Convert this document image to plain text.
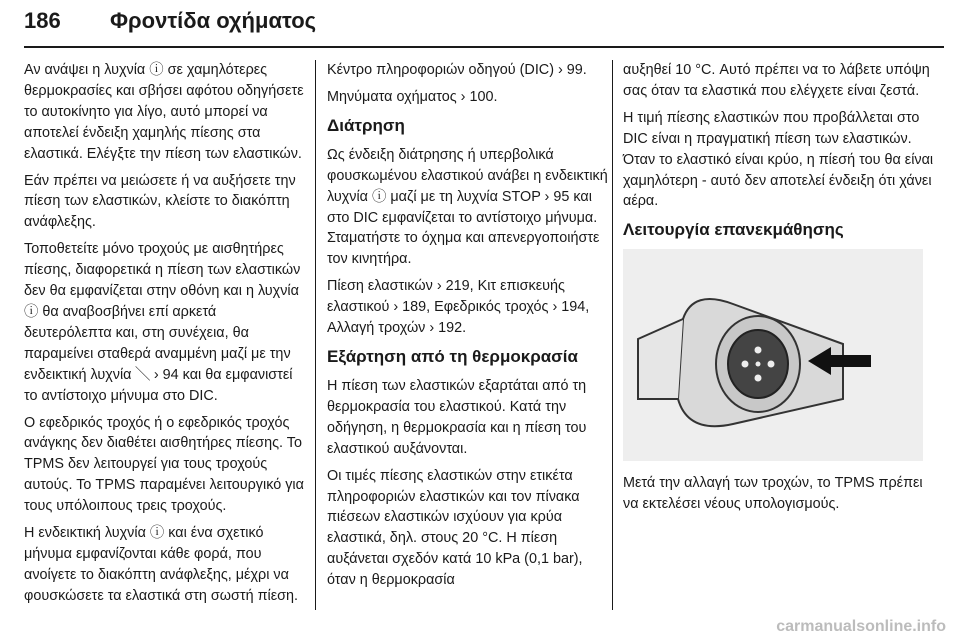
186 Φροντίδα οχήματος

Αν ανάψει η λυχνία ⓘ σε χαμηλότερες θερμοκρασίες και σβήσει αφότου οδηγήσετε το αυτοκίνητο για λίγο, αυτό μπορεί να αποτελεί ένδειξη χαμηλής πίεσης στα ελαστικά. Ελέγξτε την πίεση των ελαστικών.

Εάν πρέπει να μειώσετε ή να αυξήσετε την πίεση των ελαστικών, κλείστε το διακόπτη ανάφλεξης.

Τοποθετείτε μόνο τροχούς με αισθητήρες πίεσης, διαφορετικά η πίεση των ελαστικών δεν θα εμφανίζεται στην οθόνη και η λυχνία ⓘ θα αναβοσβήνει επί αρκετά δευτερόλεπτα και, στη συνέχεια, θα παραμείνει σταθερά αναμμένη μαζί με την ενδεικτική λυχνία ╲ › 94 και θα εμφανιστεί το αντίστοιχο μήνυμα στο DIC.

Ο εφεδρικός τροχός ή ο εφεδρικός τροχός ανάγκης δεν διαθέτει αισθητήρες πίεσης. Το TPMS δεν λειτουργεί για τους τροχούς αυτούς. Το TPMS παραμένει λειτουργικό για τους υπόλοιπους τρεις τροχούς.

Η ενδεικτική λυχνία ⓘ και ένα σχετικό μήνυμα εμφανίζονται κάθε φορά, που ανοίγετε το διακόπτη ανάφλεξης, μέχρι να φουσκώσετε τα ελαστικά στη σωστή πίεση.

Κέντρο πληροφοριών οδηγού (DIC) › 99.

Μηνύματα οχήματος › 100.

Διάτρηση

Ως ένδειξη διάτρησης ή υπερβολικά φουσκωμένου ελαστικού ανάβει η ενδεικτική λυχνία ⓘ μαζί με τη λυχνία STOP › 95 και στο DIC εμφανίζεται το αντίστοιχο μήνυμα. Σταματήστε το όχημα και απενεργοποιήστε τον κινητήρα.

Πίεση ελαστικών › 219, Κιτ επισκευής ελαστικού › 189, Εφεδρικός τροχός › 194, Αλλαγή τροχών › 192.

Εξάρτηση από τη θερμοκρασία

Η πίεση των ελαστικών εξαρτάται από τη θερμοκρασία του ελαστικού. Κατά την οδήγηση, η θερμοκρασία και η πίεση του ελαστικού αυξάνονται.

Οι τιμές πίεσης ελαστικών στην ετικέτα πληροφοριών ελαστικών και τον πίνακα πιέσεων ελαστικών ισχύουν για κρύα ελαστικά, δηλ. στους 20 °C. Η πίεση αυξάνεται σχεδόν κατά 10 kPa (0,1 bar), όταν η θερμοκρασία

αυξηθεί 10 °C. Αυτό πρέπει να το λάβετε υπόψη σας όταν τα ελαστικά που ελέγχετε είναι ζεστά.

Η τιμή πίεσης ελαστικών που προβάλλεται στο DIC είναι η πραγματική πίεση των ελαστικών. Όταν το ελαστικό είναι κρύο, η πίεσή του θα είναι χαμηλότερη - αυτό δεν αποτελεί ένδειξη ότι χάνει αέρα.

Λειτουργία επανεκμάθησης

Μετά την αλλαγή των τροχών, το TPMS πρέπει να εκτελέσει νέους υπολογισμούς.

carmanualsonline.info
